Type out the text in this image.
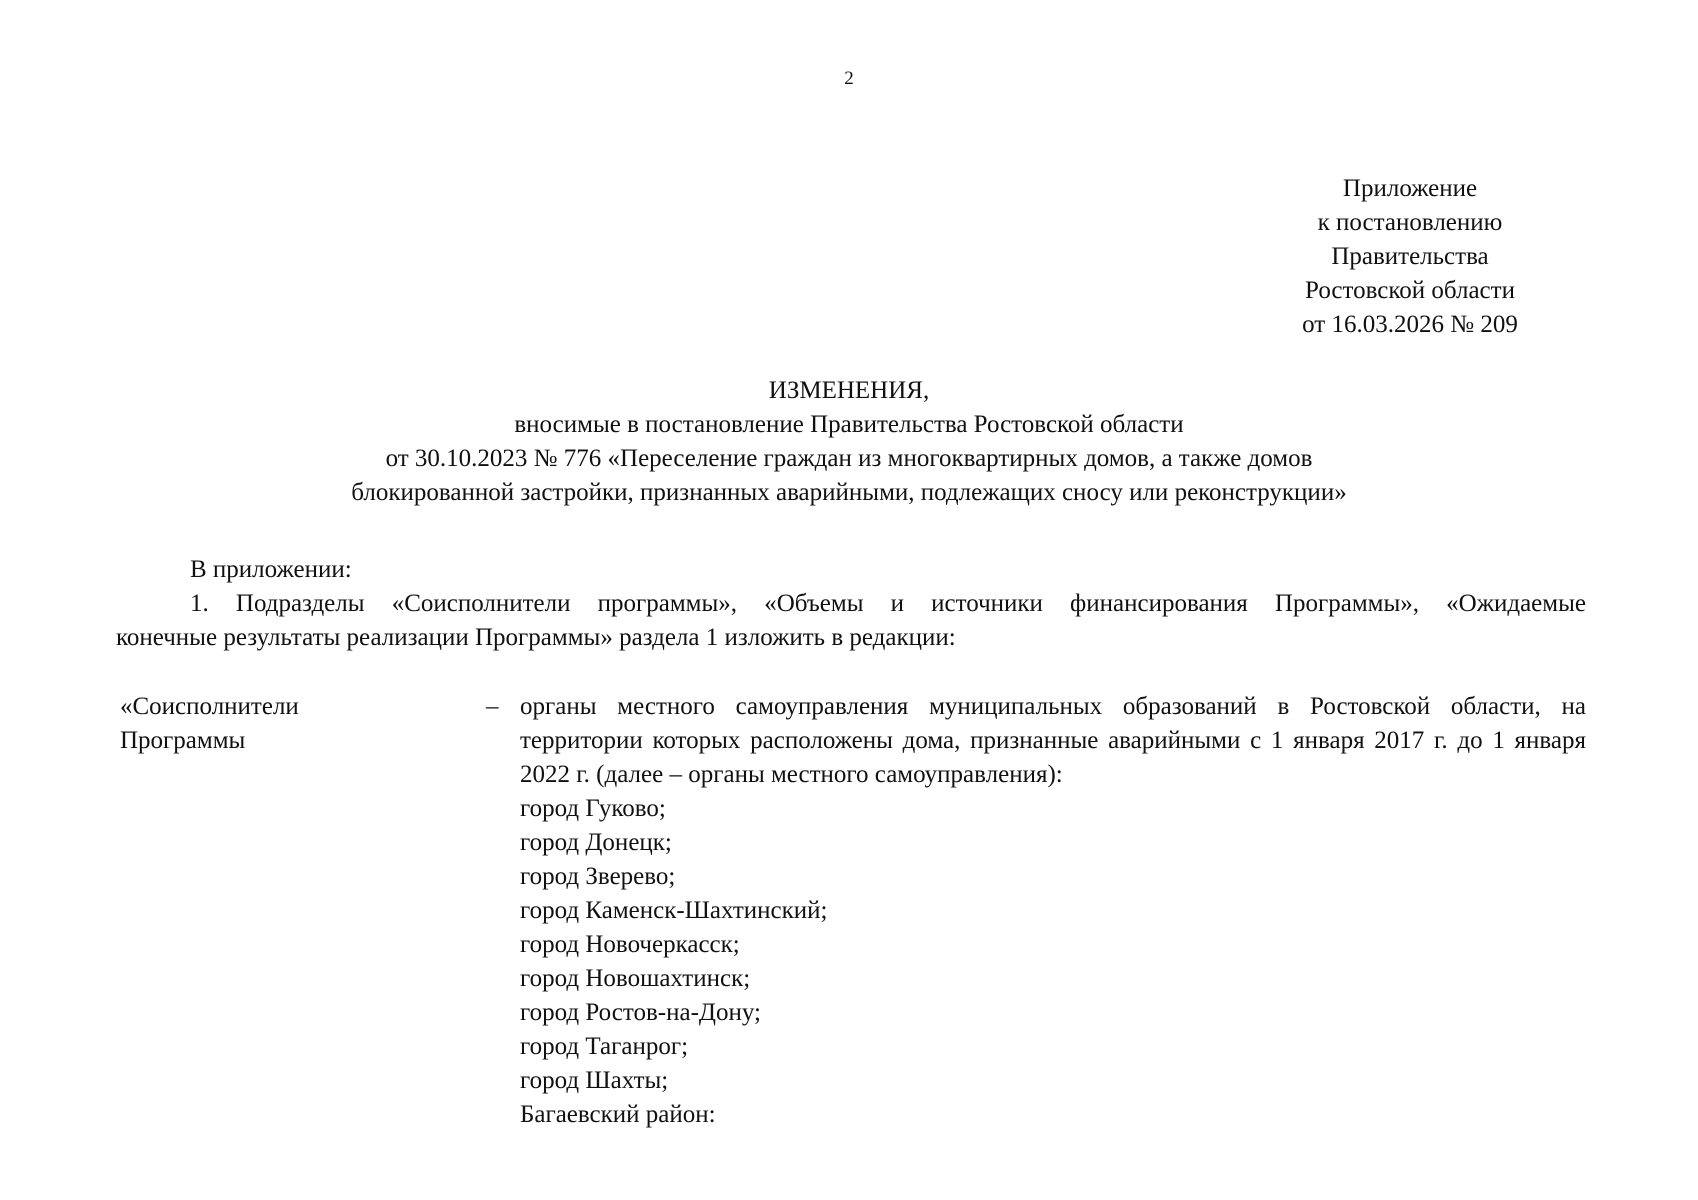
2
Приложение
к постановлению
Правительства
Ростовской области
от 16.03.2026 № 209
ИЗМЕНЕНИЯ,
вносимые в постановление Правительства Ростовской области
от 30.10.2023 № 776 «Переселение граждан из многоквартирных домов, а также домов
блокированной застройки, признанных аварийными, подлежащих сносу или реконструкции»
В приложении:
1. Подразделы «Соисполнители программы», «Объемы и источники финансирования Программы», «Ожидаемые
конечные результаты реализации Программы» раздела 1 изложить в редакции:
«Соисполнители
Программы
– органы местного самоуправления муниципальных образований в Ростовской области, на территории которых расположены дома, признанные аварийными с 1 января 2017 г. до 1 января 2022 г. (далее – органы местного самоуправления):
город Гуково;
город Донецк;
город Зверево;
город Каменск-Шахтинский;
город Новочеркасск;
город Новошахтинск;
город Ростов-на-Дону;
город Таганрог;
город Шахты;
Багаевский район:
